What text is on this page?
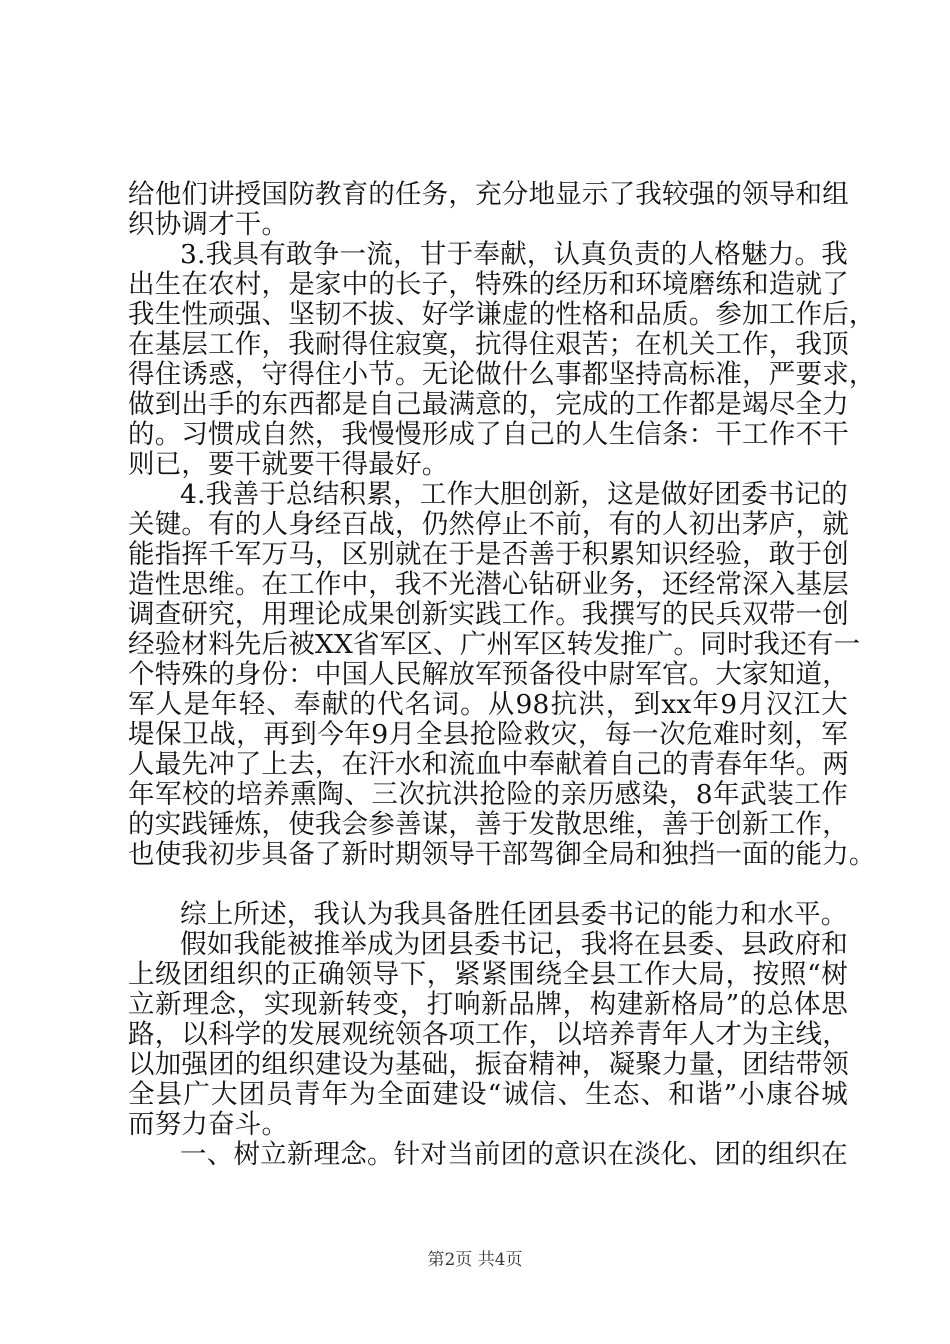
给他们讲授国防教育的任务，充分地显示了我较强的领导和组
织协调才干。
3.我具有敢争一流，甘于奉献，认真负责的人格魅力。我
出生在农村，是家中的长子，特殊的经历和环境磨练和造就了
我生性顽强、坚韧不拔、好学谦虚的性格和品质。参加工作后，
在基层工作，我耐得住寂寞，抗得住艰苦；在机关工作，我顶
得住诱惑，守得住小节。无论做什么事都坚持高标准，严要求，
做到出手的东西都是自己最满意的，完成的工作都是竭尽全力
的。习惯成自然，我慢慢形成了自己的人生信条：干工作不干
则已，要干就要干得最好。
4.我善于总结积累，工作大胆创新，这是做好团委书记的
关键。有的人身经百战，仍然停止不前，有的人初出茅庐，就
能指挥千军万马，区别就在于是否善于积累知识经验，敢于创
造性思维。在工作中，我不光潜心钻研业务，还经常深入基层
调查研究，用理论成果创新实践工作。我撰写的民兵双带一创
经验材料先后被XX省军区、广州军区转发推广。同时我还有一
个特殊的身份：中国人民解放军预备役中尉军官。大家知道，
军人是年轻、奉献的代名词。从98抗洪，到xx年9月汉江大
堤保卫战，再到今年9月全县抢险救灾，每一次危难时刻，军
人最先冲了上去，在汗水和流血中奉献着自己的青春年华。两
年军校的培养熏陶、三次抗洪抢险的亲历感染，8年武装工作
的实践锤炼，使我会参善谋，善于发散思维，善于创新工作，
也使我初步具备了新时期领导干部驾御全局和独挡一面的能力。
综上所述，我认为我具备胜任团县委书记的能力和水平。
假如我能被推举成为团县委书记，我将在县委、县政府和
上级团组织的正确领导下，紧紧围绕全县工作大局，按照“树
立新理念，实现新转变，打响新品牌，构建新格局”的总体思
路，以科学的发展观统领各项工作，以培养青年人才为主线，
以加强团的组织建设为基础，振奋精神，凝聚力量，团结带领
全县广大团员青年为全面建设“诚信、生态、和谐”小康谷城
而努力奋斗。
一、树立新理念。针对当前团的意识在淡化、团的组织在
第2页 共4页
